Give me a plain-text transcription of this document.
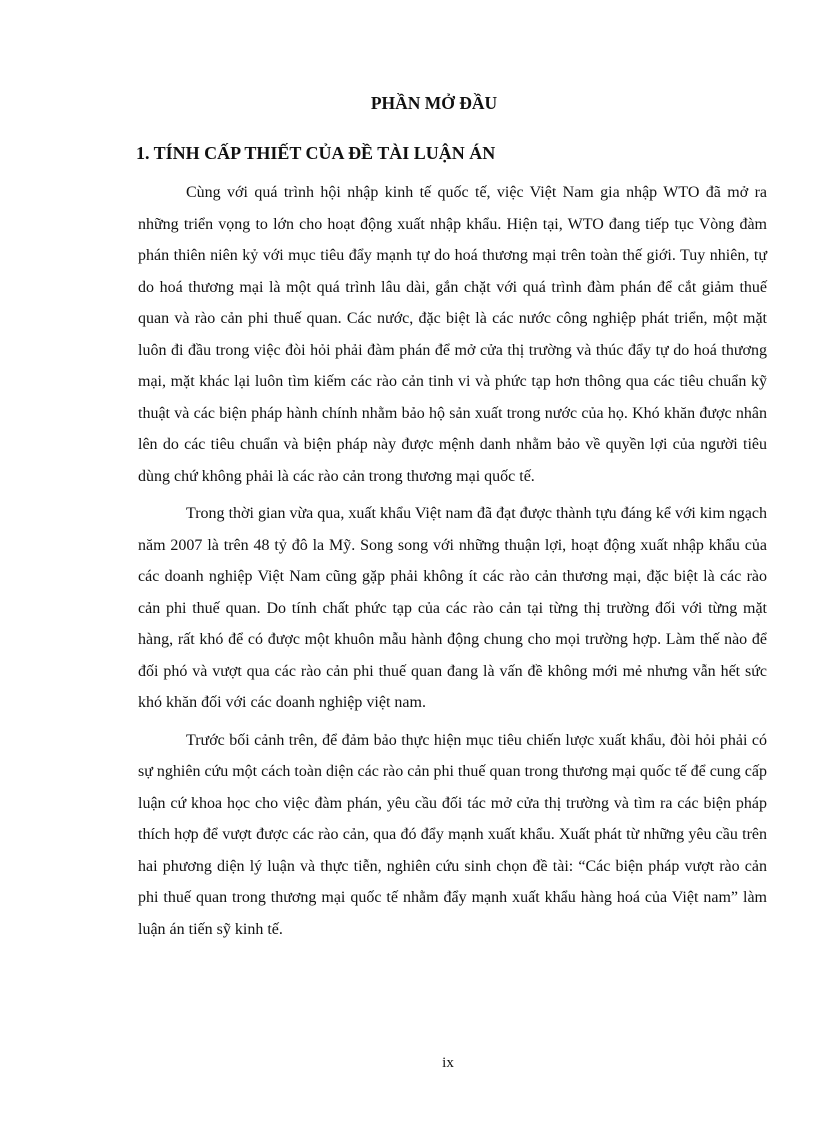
PHẦN MỞ ĐẦU
1. TÍNH CẤP THIẾT CỦA ĐỀ TÀI LUẬN ÁN

Cùng với quá trình hội nhập kinh tế quốc tế, việc Việt Nam gia nhập WTO đã mở ra những triển vọng to lớn cho hoạt động xuất nhập khẩu. Hiện tại, WTO đang tiếp tục Vòng đàm phán thiên niên kỷ với mục tiêu đẩy mạnh tự do hoá thương mại trên toàn thế giới. Tuy nhiên, tự do hoá thương mại là một quá trình lâu dài, gắn chặt với quá trình đàm phán để cắt giảm thuế quan và rào cản phi thuế quan. Các nước, đặc biệt là các nước công nghiệp phát triển, một mặt luôn đi đầu trong việc đòi hỏi phải đàm phán để mở cửa thị trường và thúc đẩy tự do hoá thương mại, mặt khác lại luôn tìm kiếm các rào cản tinh vi và phức tạp hơn thông qua các tiêu chuẩn kỹ thuật và các biện pháp hành chính nhằm bảo hộ sản xuất trong nước của họ. Khó khăn được nhân lên do các tiêu chuẩn và biện pháp này được mệnh danh nhằm bảo về quyền lợi của người tiêu dùng chứ không phải là các rào cản trong thương mại quốc tế.

Trong thời gian vừa qua, xuất khẩu Việt nam đã đạt được thành tựu đáng kể với kim ngạch năm 2007 là trên 48 tỷ đô la Mỹ. Song song với những thuận lợi, hoạt động xuất nhập khẩu của các doanh nghiệp Việt Nam cũng gặp phải không ít các rào cản thương mại, đặc biệt là các rào cản phi thuế quan. Do tính chất phức tạp của các rào cản tại từng thị trường đối với từng mặt hàng, rất khó để có được một khuôn mẫu hành động chung cho mọi trường hợp. Làm thế nào để đối phó và vượt qua các rào cản phi thuế quan đang là vấn đề không mới mẻ nhưng vẫn hết sức khó khăn đối với các doanh nghiệp việt nam.

Trước bối cảnh trên, để đảm bảo thực hiện mục tiêu chiến lược xuất khẩu, đòi hỏi phải có sự nghiên cứu một cách toàn diện các rào cản phi thuế quan trong thương mại quốc tế để cung cấp luận cứ khoa học cho việc đàm phán, yêu cầu đối tác mở cửa thị trường và tìm ra các biện pháp thích hợp để vượt được các rào cản, qua đó đẩy mạnh xuất khẩu. Xuất phát từ những yêu cầu trên hai phương diện lý luận và thực tiễn, nghiên cứu sinh chọn đề tài: “Các biện pháp vượt rào cản phi thuế quan trong thương mại quốc tế nhằm đẩy mạnh xuất khẩu hàng hoá của Việt nam” làm luận án tiến sỹ kinh tế.

ix
